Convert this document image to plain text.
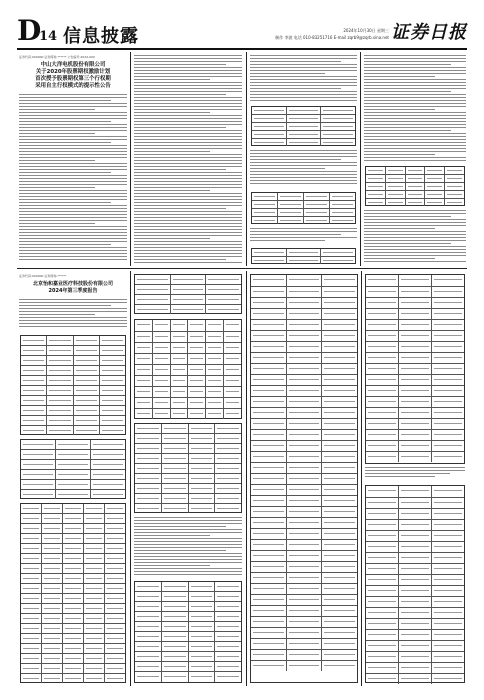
D
14 信息披露	2024年10月30日 星期三
制作 李波 电话 010-83251716 E-mail zqrb9@zqrb.sina.net 证券日报
证券代码:000000 证券简称:****** 公告编号:2024-000
中山大洋电机股份有限公司
关于2020年股票期权激励计划
首次授予股票期权第三个行权期
采用自主行权模式的提示性公告
证券代码:000000 证券简称:******
北京怡和嘉业医疗科技股份有限公司
2024年第三季度报告
